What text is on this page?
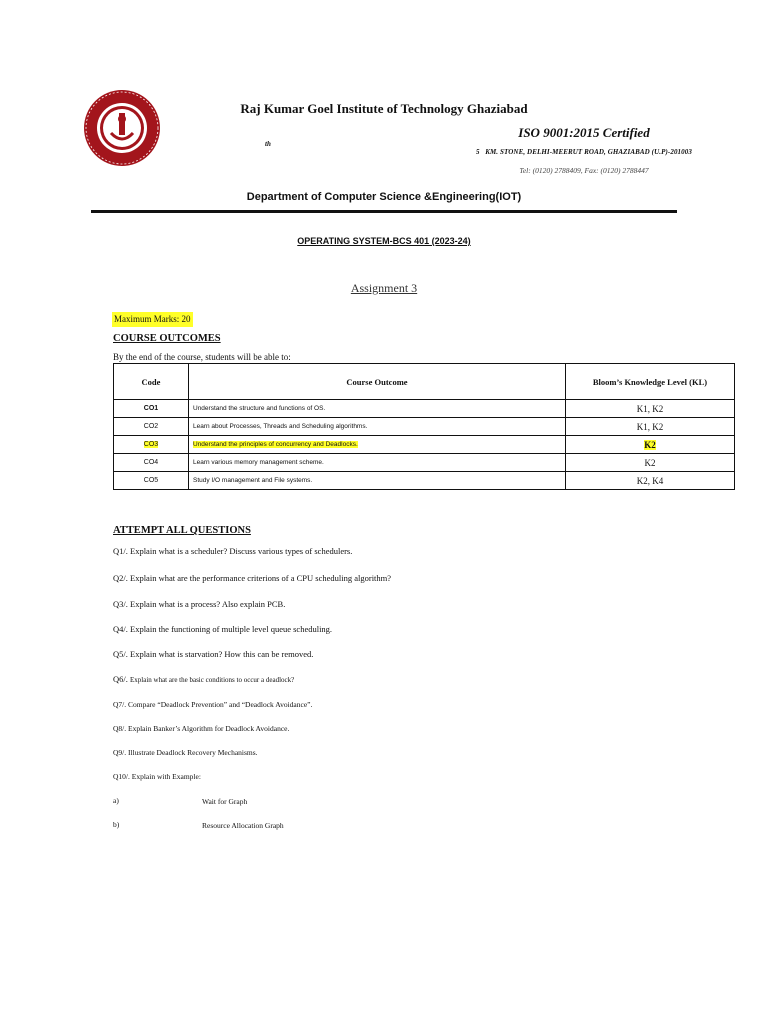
Raj Kumar Goel Institute of Technology Ghaziabad
ISO 9001:2015 Certified
th
5 KM. STONE, DELHI-MEERUT ROAD, GHAZIABAD (U.P)-201003
Tel: (0120) 2788409, Fax: (0120) 2788447
Department of Computer Science &Engineering(IOT)
OPERATING SYSTEM-BCS 401 (2023-24)
Assignment 3
Maximum Marks: 20
COURSE OUTCOMES
By the end of the course, students will be able to:
Code	Course Outcome	Bloom’s Knowledge Level (KL)
CO1	Understand the structure and functions of OS.	K1, K2
CO2	Learn about Processes, Threads and Scheduling algorithms.	K1, K2
CO3	Understand the principles of concurrency and Deadlocks.	K2
CO4	Learn various memory management scheme.	K2
CO5	Study I/O management and File systems.	K2, K4
ATTEMPT ALL QUESTIONS
Q1/. Explain what is a scheduler? Discuss various types of schedulers.
Q2/. Explain what are the performance criterions of a CPU scheduling algorithm?
Q3/. Explain what is a process? Also explain PCB.
Q4/. Explain the functioning of multiple level queue scheduling.
Q5/. Explain what is starvation? How this can be removed.
Q6/. Explain what are the basic conditions to occur a deadlock?
Q7/. Compare “Deadlock Prevention” and “Deadlock Avoidance”.
Q8/. Explain Banker’s Algorithm for Deadlock Avoidance.
Q9/. Illustrate Deadlock Recovery Mechanisms.
Q10/. Explain with Example:
a)	Wait for Graph
b)	Resource Allocation Graph
